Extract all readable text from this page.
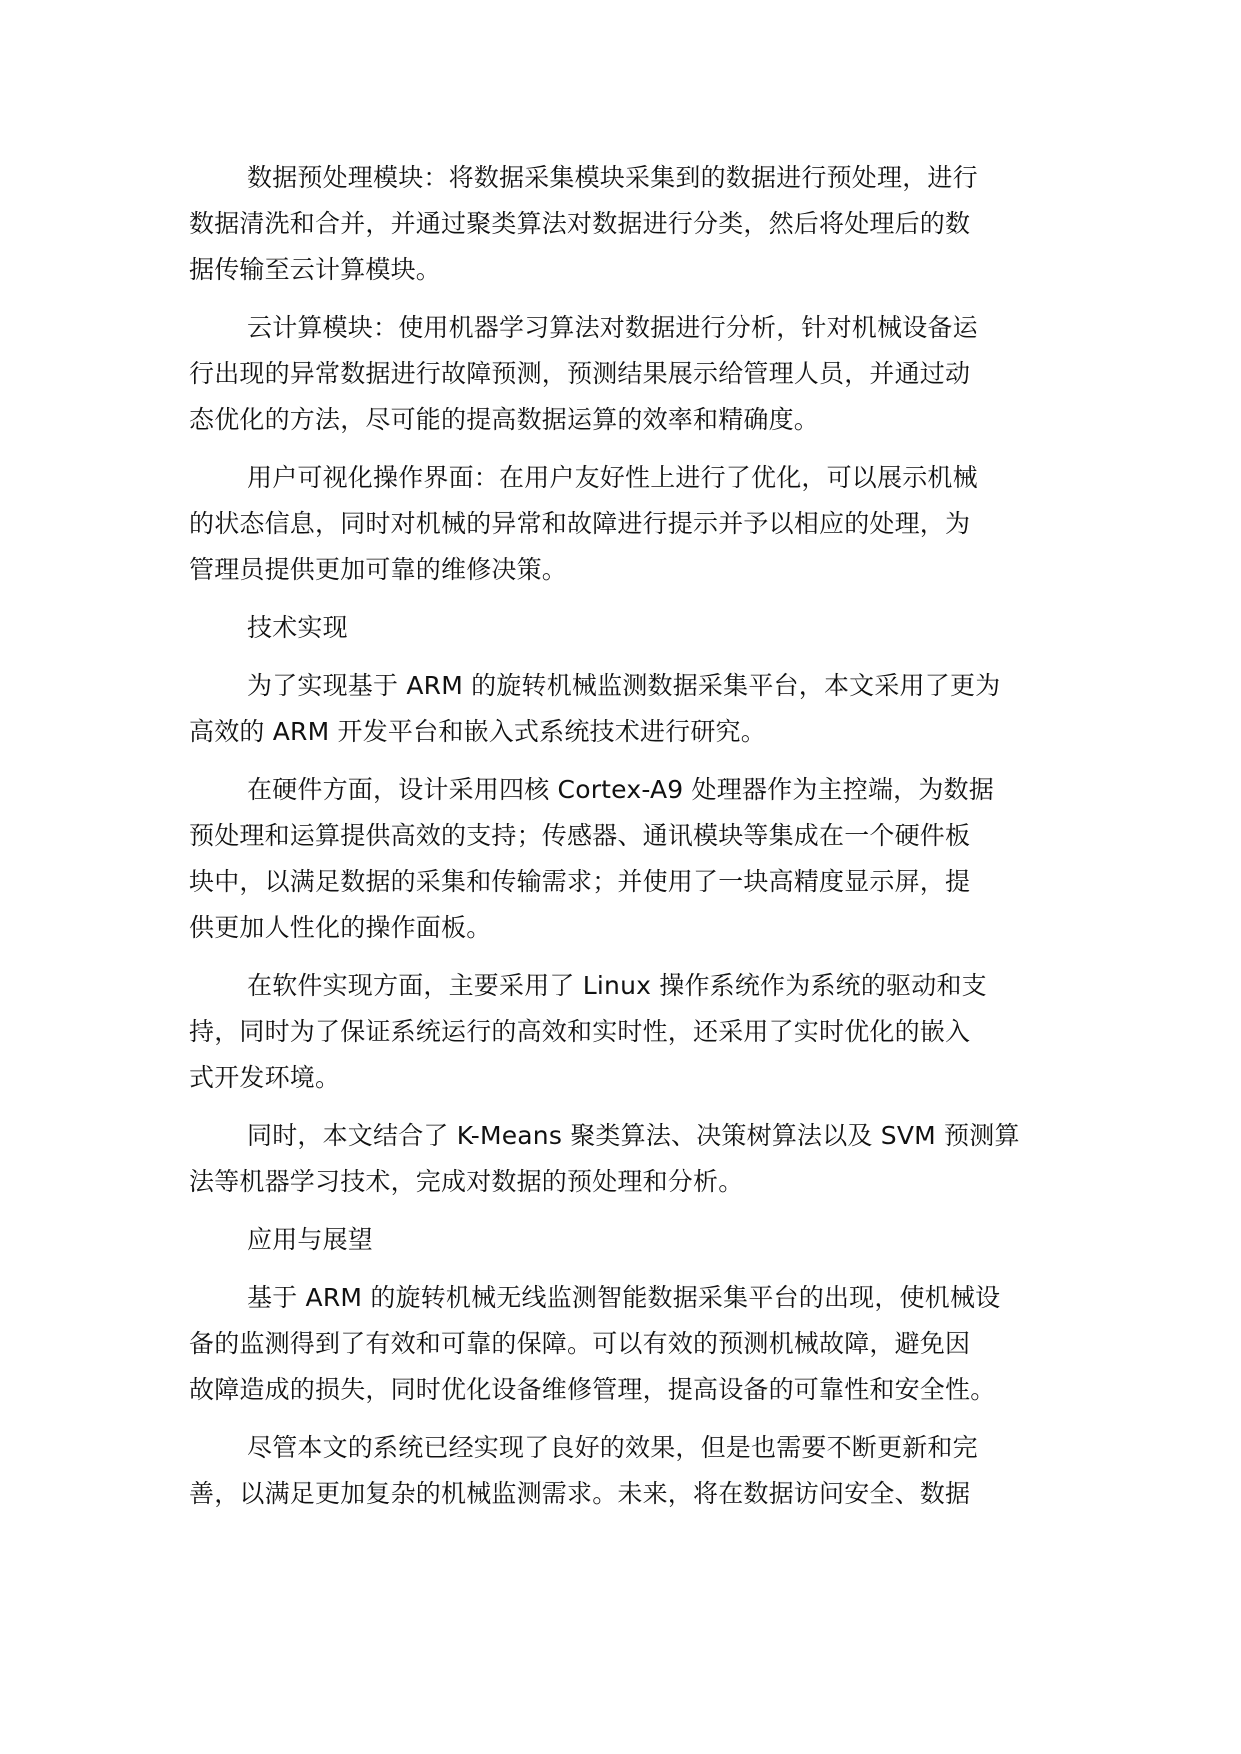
数据预处理模块：将数据采集模块采集到的数据进行预处理，进行
数据清洗和合并，并通过聚类算法对数据进行分类，然后将处理后的数
据传输至云计算模块。

云计算模块：使用机器学习算法对数据进行分析，针对机械设备运
行出现的异常数据进行故障预测，预测结果展示给管理人员，并通过动
态优化的方法，尽可能的提高数据运算的效率和精确度。

用户可视化操作界面：在用户友好性上进行了优化，可以展示机械
的状态信息，同时对机械的异常和故障进行提示并予以相应的处理，为
管理员提供更加可靠的维修决策。

技术实现

为了实现基于 ARM 的旋转机械监测数据采集平台，本文采用了更为
高效的 ARM 开发平台和嵌入式系统技术进行研究。

在硬件方面，设计采用四核 Cortex-A9 处理器作为主控端，为数据
预处理和运算提供高效的支持；传感器、通讯模块等集成在一个硬件板
块中，以满足数据的采集和传输需求；并使用了一块高精度显示屏，提
供更加人性化的操作面板。

在软件实现方面，主要采用了 Linux 操作系统作为系统的驱动和支
持，同时为了保证系统运行的高效和实时性，还采用了实时优化的嵌入
式开发环境。

同时，本文结合了 K-Means 聚类算法、决策树算法以及 SVM 预测算
法等机器学习技术，完成对数据的预处理和分析。

应用与展望

基于 ARM 的旋转机械无线监测智能数据采集平台的出现，使机械设
备的监测得到了有效和可靠的保障。可以有效的预测机械故障，避免因
故障造成的损失，同时优化设备维修管理，提高设备的可靠性和安全性。

尽管本文的系统已经实现了良好的效果，但是也需要不断更新和完
善，以满足更加复杂的机械监测需求。未来，将在数据访问安全、数据
